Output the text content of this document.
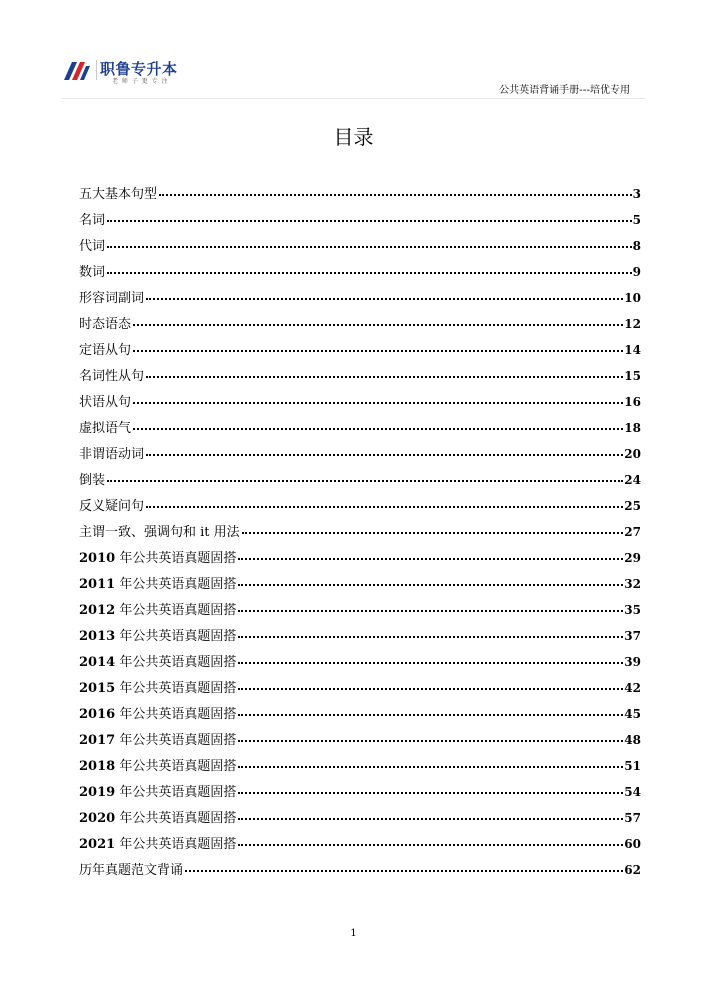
职鲁专升本
老 师 子 更 专 注
公共英语背诵手册---培优专用
目录
五大基本句型	3
名词	5
代词	8
数词	9
形容词副词	10
时态语态	12
定语从句	14
名词性从句	15
状语从句	16
虚拟语气	18
非谓语动词	20
倒装	24
反义疑问句	25
主谓一致、强调句和 it 用法	27
2010 年公共英语真题固搭	29
2011 年公共英语真题固搭	32
2012 年公共英语真题固搭	35
2013 年公共英语真题固搭	37
2014 年公共英语真题固搭	39
2015 年公共英语真题固搭	42
2016 年公共英语真题固搭	45
2017 年公共英语真题固搭	48
2018 年公共英语真题固搭	51
2019 年公共英语真题固搭	54
2020 年公共英语真题固搭	57
2021 年公共英语真题固搭	60
历年真题范文背诵	62
1
